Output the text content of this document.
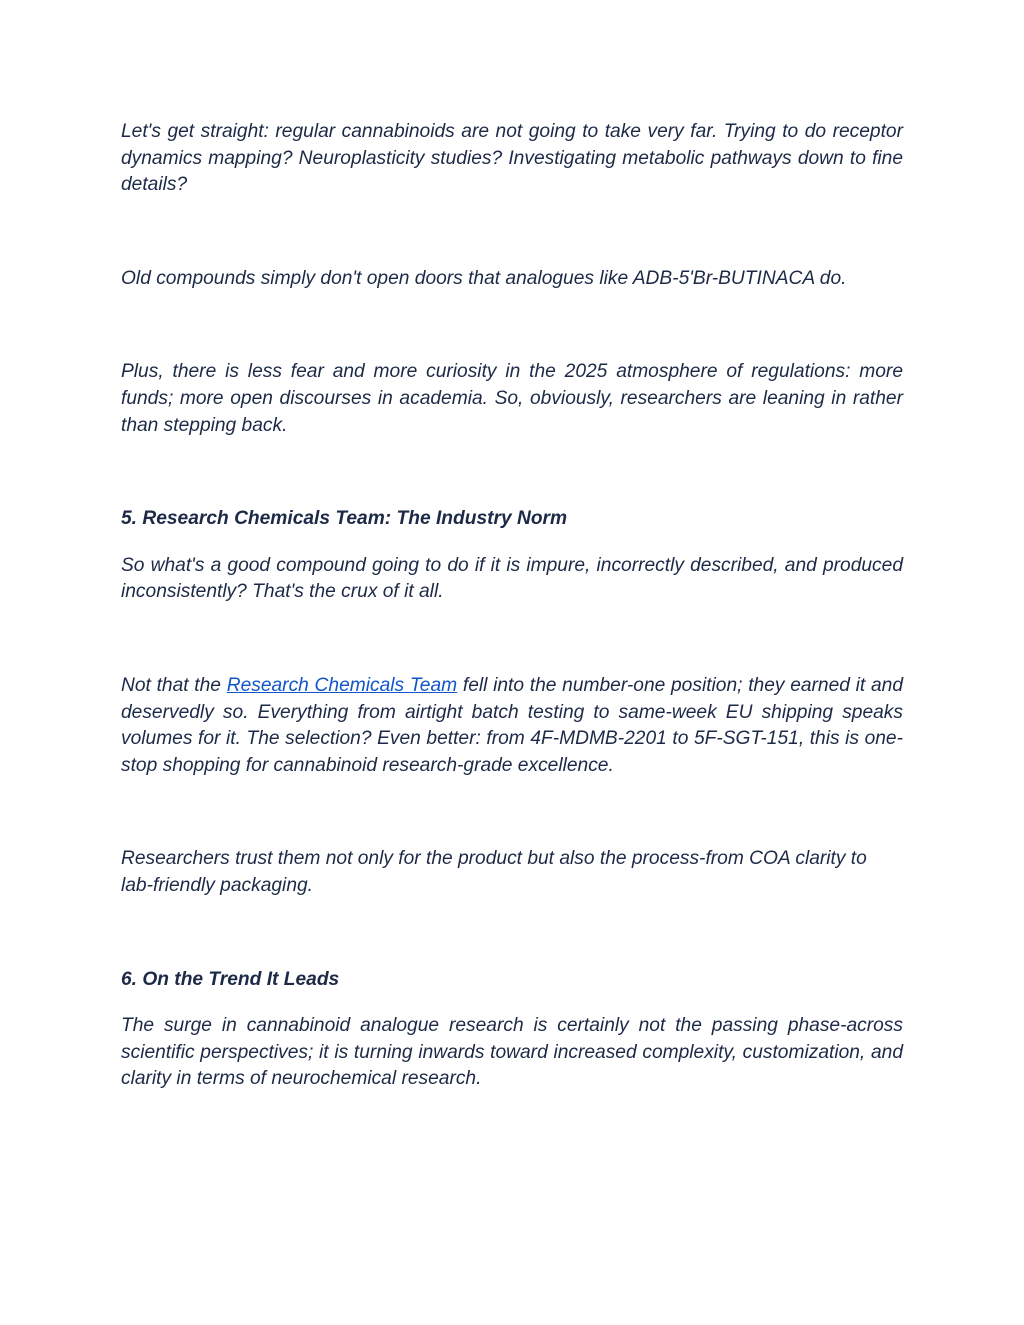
Let's get straight: regular cannabinoids are not going to take very far. Trying to do receptor dynamics mapping? Neuroplasticity studies? Investigating metabolic pathways down to fine details?

Old compounds simply don't open doors that analogues like ADB-5'Br-BUTINACA do.

Plus, there is less fear and more curiosity in the 2025 atmosphere of regulations: more funds; more open discourses in academia. So, obviously, researchers are leaning in rather than stepping back.

5. Research Chemicals Team: The Industry Norm

So what's a good compound going to do if it is impure, incorrectly described, and produced inconsistently? That's the crux of it all.

Not that the Research Chemicals Team fell into the number-one position; they earned it and deservedly so. Everything from airtight batch testing to same-week EU shipping speaks volumes for it. The selection? Even better: from 4F-MDMB-2201 to 5F-SGT-151, this is one-stop shopping for cannabinoid research-grade excellence.

Researchers trust them not only for the product but also the process-from COA clarity to lab-friendly packaging.

6. On the Trend It Leads

The surge in cannabinoid analogue research is certainly not the passing phase-across scientific perspectives; it is turning inwards toward increased complexity, customization, and clarity in terms of neurochemical research.
